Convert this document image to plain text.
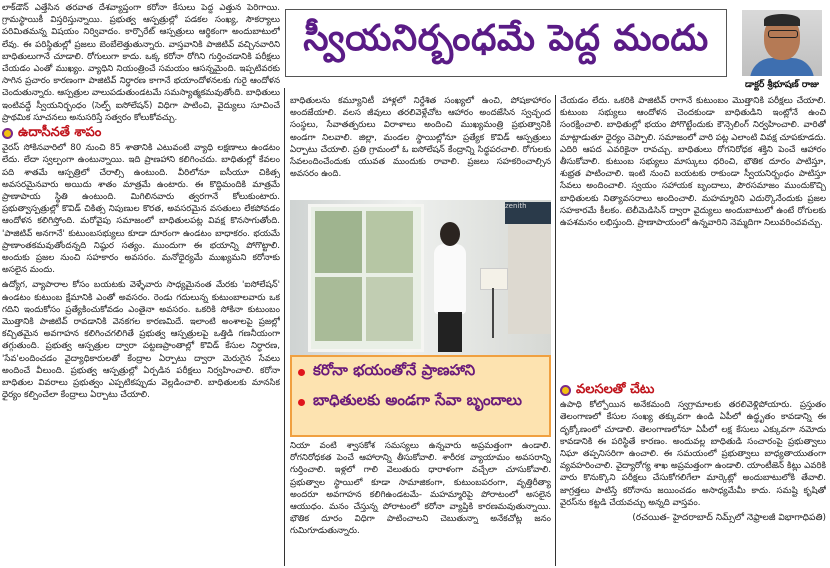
లాక్‌డౌన్ ఎత్తేసిన తరవాత దేశవ్యాప్తంగా కరోనా కేసులు పెద్ద ఎత్తున పెరిగాయి. గ్రామస్థాయికీ విస్తరిస్తున్నాయి. ప్రభుత్వ ఆస్పత్రుల్లో పడకల సంఖ్య, సౌకర్యాలు పరిమితమన్న విషయం నిర్వివాదం. కార్పొరేట్ ఆస్పత్రులు ఆర్థికంగా అందుబాటులో లేవు. ఈ పరిస్థితుల్లో ప్రజలు బెంబేలెత్తుతున్నారు. వాస్తవానికి పాజిటివ్ వచ్చినవారిని బాధితులుగానే చూడాలి. రోగులుగా కాదు. ఒక్క కరోనా రోగిని గుర్తించడానికి పరీక్షలు చేయడం ఎంతో ముఖ్యం. వ్యాధిని నియంత్రించే సమయం ఆసన్నమైంది. ఇప్పటివరకు సాగిన ప్రచారం కారణంగా పాజిటివ్ నిర్ధారణ కాగానే భయాందోళనలకు గురై ఆందోళన చెందుతున్నారు. ఆస్పత్రుల వాలుపడుతుండటమే సమస్యాత్మకమవుతోంది. బాధితులు ఇంటివద్దే స్వీయనిర్బంధం (సెల్ఫ్ ఐసోలేషన్) విధిగా పాటించి, వైద్యులు సూచించే ప్రాథమిక సూచనలు అనుసరిస్తే సత్వరం కోలుకోవచ్చు.

ఉదాసీనతే శాపం

వైరస్ సోకినవారిలో 80 నుంచి 85 శాతానికి ఎటువంటి వ్యాధి లక్షణాలు ఉండటం లేదు. లేదా స్వల్పంగా ఉంటున్నాయి. ఇది ప్రాణహాని కలిగించదు. బాధితుల్లో కేవలం పది శాతమే ఆస్పత్రిలో చేరాల్సి ఉంటుంది. వీరిలోనూ ఐసీయూ చికిత్స అవసరమైనవారు అయిదు శాతం మాత్రమే ఉంటారు. ఈ కొద్దిమందికి మాత్రమే ప్రాణాపాయ స్థితి ఉంటుంది. మిగిలినవారు త్వరగానే కోలుకుంటారు. ప్రభుత్వాస్పత్రుల్లో కొవిడ్ చికిత్స నిపుణుల కొరత, అవసరమైన వసతులు లేకపోవడం ఆందోళన కలిగిస్తోంది. మరోవైపు సమాజంలో బాధితులపట్ల వివక్ష కొనసాగుతోంది. 'పాజిటివ్ అనగానే' కుటుంబసభ్యులు కూడా దూరంగా ఉండటం బాధాకరం. భయమే ప్రాణాంతకమవుతోందన్నది నిష్ఠుర సత్యం. ముందుగా ఈ భయాన్ని పోగొట్టాలి. అందుకు ప్రజల నుంచి సహకారం అవసరం. మనోధైర్యమే ముఖ్యమని కరోనాకు అసలైన మందు.

ఉద్యోగ, వ్యాపారాల కోసం బయటకు వెళ్ళేవారు సాధ్యమైనంత మేరకు 'ఐసోలేషన్' ఉండటం కుటుంబ క్షేమానికి ఎంతో అవసరం. రెండు గదులున్న కుటుంబాలవారు ఒక గదిని ఇందుకోసం ప్రత్యేకించుకోవడం ఎంతైనా అవసరం. ఒకరికి సోకినా కుటుంబం మొత్తానికి పాజిటివ్ రావడానికి వెనకగల కారణమిదే. ఇలాంటి అంశాలపై ప్రజల్లో కచ్చితమైన అవగాహన కలిగించగలిగితే ప్రభుత్వ ఆస్పత్రులపై ఒత్తిడి గణనీయంగా తగ్గుతుంది. ప్రభుత్వ ఆస్పత్రుల ద్వారా పట్టణప్రాంతాల్లో కొవిడ్ కేసుల నిర్ధారణ, 'సేవ'లందించడం వైద్యాధికారులతో కేంద్రాల ఏర్పాటు ద్వారా మెరుగైన సేవలు అందించే వీలుంది. ప్రభుత్వ ఆస్పత్రుల్లో ఏర్పడిన పరీక్షలు నిర్వహించాలి. కరోనా బాధితుల వివరాలు ప్రభుత్వం ఎప్పటికప్పుడు వెల్లడించాలి. బాధితులకు మానసిక ధైర్యం కల్పించేలా కేంద్రాలు ఏర్పాటు చేయాలి.

స్వీయనిర్బంధమే పెద్ద మందు
డాక్టర్ శ్రీభూషణ్ రాజు

బాధితులను కమ్యూనిటీ హాళ్లలో నిర్దేశిత సంఖ్యలో ఉంచి, పోషకాహారం అందజేయాలి. వలస జీవులు తరలివెళ్లేచోట ఆహారం అందజేసిన స్వచ్ఛంద సంస్థలు, సేవాతత్పరులు విరాళాలు అందించి ముఖ్యమంత్రి ప్రభుత్వానికి అండగా నిలవాలి. జిల్లా, మండల స్థాయిల్లోనూ ప్రత్యేక కొవిడ్ ఆస్పత్రులు ఏర్పాటు చేయాలి. ప్రతి గ్రామంలో ఓ ఐసోలేషన్ కేంద్రాన్ని సిద్ధపరచాలి. రోగులకు సేవలందించేందుకు యువత ముందుకు రావాలి. ప్రజలు సహకరించాల్సిన అవసరం ఉంది.

zenith
కరోనా భయంతోనే ప్రాణహాని
బాధితులకు అండగా సేవా బృందాలు

నియా వంటి శ్వాసకోశ సమస్యలు ఉన్నవారు అప్రమత్తంగా ఉండాలి. రోగనిరోధకత పెంచే ఆహారాన్ని తీసుకోవాలి. శారీరక వ్యాయామం అవసరాన్ని గుర్తించాలి. ఇళ్లలో గాలి వెలుతురు ధారాళంగా వచ్చేలా చూసుకోవాలి. ప్రభుత్వాల స్థాయిలో కూడా సామాజికంగా, కుటుంబపరంగా, వృత్తిరీత్యా అందరూ అవగాహన కలిగిఉండటమే- మహమ్మారిపై పోరాటంలో అసలైన ఆయుధం. మనం చేస్తున్న పోరాటంలో కరోనా వ్యాప్తికి కారణమవుతున్నాయి. భౌతిక దూరం విధిగా పాటించాలని చెబుతున్నా అనేకచోట్ల జనం గుమిగూడుతున్నారు.

చేయడం లేదు. ఒకరికి పాజిటివ్ రాగానే కుటుంబం మొత్తానికి పరీక్షలు చేయాలి. కుటుంబ సభ్యులు ఆందోళన చెందకుండా బాధితుడిని ఇంట్లోనే ఉంచి సంరక్షించాలి. బాధితుల్లో భయం పోగొట్టేందుకు కౌన్సెలింగ్ నిర్వహించాలి. వారితో మాట్లాడుతూ ధైర్యం చెప్పాలి. సమాజంలో వారి పట్ల ఎలాంటి వివక్ష చూపకూడదు. ఎదిరి ఆపద ఎవరికైనా రావచ్చు. బాధితులు రోగనిరోధక శక్తిని పెంచే ఆహారం తీసుకోవాలి. కుటుంబ సభ్యులు మాస్కులు ధరించి, భౌతిక దూరం పాటిస్తూ, శుభ్రత పాటించాలి. ఇంటి నుంచి బయటకు రాకుండా స్వీయనిర్బంధం పాటిస్తూ సేవలు అందించాలి. స్వయం సహాయక బృందాలు, పౌరసమాజం ముందుకొచ్చి బాధితులకు నిత్యావసరాలు అందించాలి. మహమ్మారిని ఎదుర్కొనేందుకు ప్రజల సహకారమే కీలకం. టెలీమెడిసిన్ ద్వారా వైద్యులు అందుబాటులో ఉంటే రోగులకు ఉపశమనం లభిస్తుంది. ప్రాణాపాయంలో ఉన్నవారిని నెమ్మదిగా నిలువరించవచ్చు.

వలసలతో చేటు

ఉపాధి కోల్పోయిన అనేకమంది స్వగ్రామాలకు తరలివెళ్లిపోయారు. ప్రస్తుతం తెలంగాణలో కేసుల సంఖ్య తక్కువగా ఉండి ఏపీలో ఉద్ధృతం కావడాన్ని ఈ దృక్కోణంలో చూడాలి. తెలంగాణలోనూ ఏపీలో లక్ష కేసులు ఎక్కువగా నమోదు కావడానికి ఈ పరిస్థితే కారణం. అందువల్ల బాధితుడి సంచారంపై ప్రభుత్వాలు నిఘా తప్పనిసరిగా ఉంచాలి. ఈ సమయంలో ప్రభుత్వాలు బాధ్యతాయుతంగా వ్యవహరించాలి. వైద్యారోగ్య శాఖ అప్రమత్తంగా ఉండాలి. యాంటీజెన్ కిట్లు ఎవరికి వారు కొనుక్కొని పరీక్షలు చేసుకోగలిగేలా మార్కెట్లో అందుబాటులోకి తేవాలి. జాగ్రత్తలు పాటిస్తే కరోనాను జయించడం అసాధ్యమేమీ కాదు. సమష్టి కృషితో వైరస్‌ను కట్టడి చేయవచ్చు అన్నది వాస్తవం.

(రచయిత- హైదరాబాద్ నిమ్స్‌లో నెఫ్రాలజీ విభాగాధిపతి)
